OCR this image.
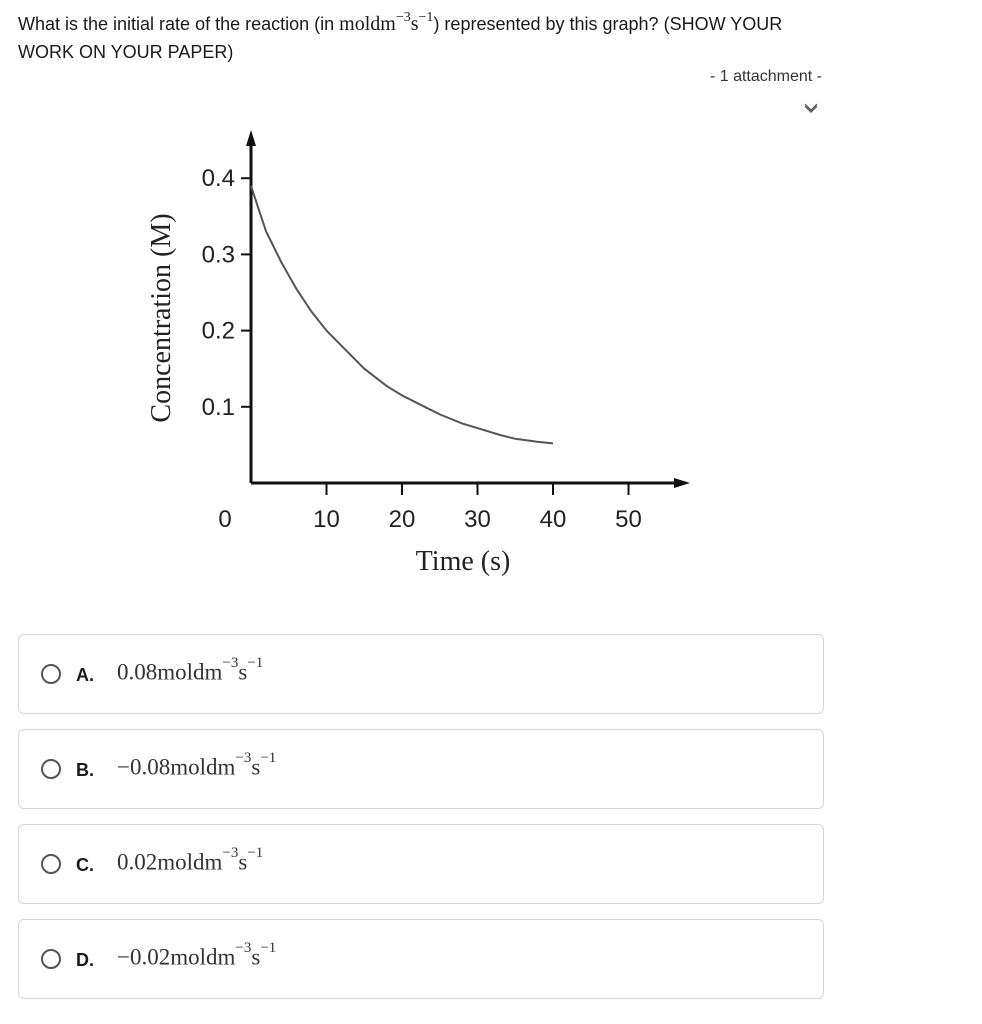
What is the initial rate of the reaction (in $moldm^{-3}s^{-1}$) represented by this graph? (SHOW YOUR WORK ON YOUR PAPER)
- 1 attachment -
0.1
0.2
0.3
0.4
0	10 20 30 40 50
Time (s)
Concentration (M)
A. $0.08moldm^{-3}s^{-1}$
B. $-0.08moldm^{-3}s^{-1}$
C. $0.02moldm^{-3}s^{-1}$
D. $-0.02moldm^{-3}s^{-1}$
